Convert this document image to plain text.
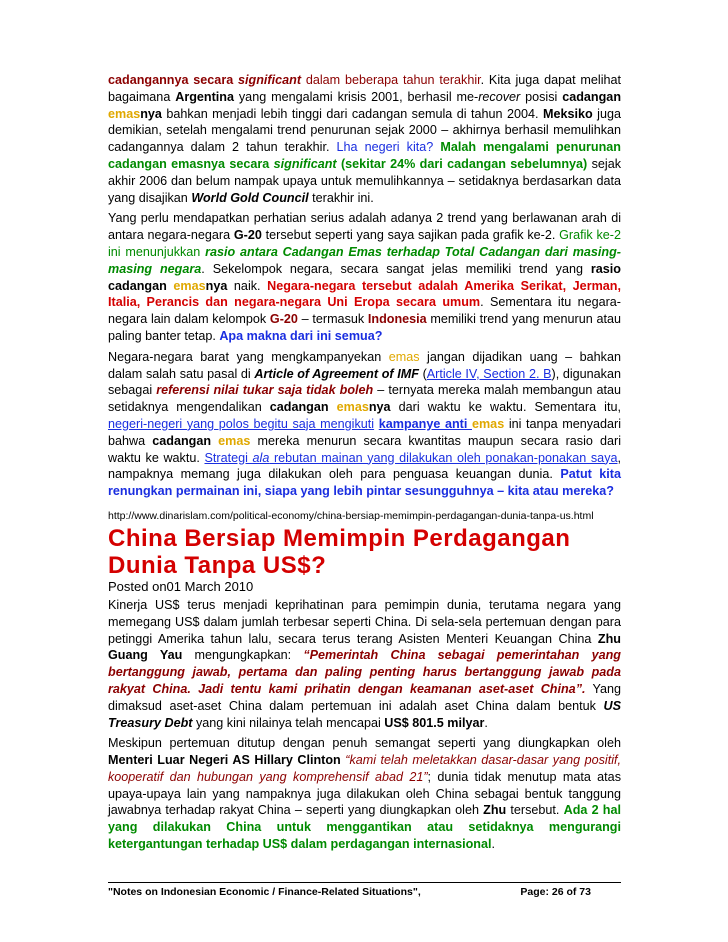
cadangannya secara significant dalam beberapa tahun terakhir. Kita juga dapat melihat bagaimana Argentina yang mengalami krisis 2001, berhasil me-recover posisi cadangan emasnya bahkan menjadi lebih tinggi dari cadangan semula di tahun 2004. Meksiko juga demikian, setelah mengalami trend penurunan sejak 2000 – akhirnya berhasil memulihkan cadangannya dalam 2 tahun terakhir. Lha negeri kita? Malah mengalami penurunan cadangan emasnya secara significant (sekitar 24% dari cadangan sebelumnya) sejak akhir 2006 dan belum nampak upaya untuk memulihkannya – setidaknya berdasarkan data yang disajikan World Gold Council terakhir ini.

Yang perlu mendapatkan perhatian serius adalah adanya 2 trend yang berlawanan arah di antara negara-negara G-20 tersebut seperti yang saya sajikan pada grafik ke-2. Grafik ke-2 ini menunjukkan rasio antara Cadangan Emas terhadap Total Cadangan dari masing-masing negara. Sekelompok negara, secara sangat jelas memiliki trend yang rasio cadangan emasnya naik. Negara-negara tersebut adalah Amerika Serikat, Jerman, Italia, Perancis dan negara-negara Uni Eropa secara umum. Sementara itu negara-negara lain dalam kelompok G-20 – termasuk Indonesia memiliki trend yang menurun atau paling banter tetap. Apa makna dari ini semua?

Negara-negara barat yang mengkampanyekan emas jangan dijadikan uang – bahkan dalam salah satu pasal di Article of Agreement of IMF (Article IV, Section 2. B), digunakan sebagai referensi nilai tukar saja tidak boleh – ternyata mereka malah membangun atau setidaknya mengendalikan cadangan emasnya dari waktu ke waktu. Sementara itu, negeri-negeri yang polos begitu saja mengikuti kampanye anti emas ini tanpa menyadari bahwa cadangan emas mereka menurun secara kwantitas maupun secara rasio dari waktu ke waktu. Strategi ala rebutan mainan yang dilakukan oleh ponakan-ponakan saya, nampaknya memang juga dilakukan oleh para penguasa keuangan dunia. Patut kita renungkan permainan ini, siapa yang lebih pintar sesungguhnya – kita atau mereka?

http://www.dinarislam.com/political-economy/china-bersiap-memimpin-perdagangan-dunia-tanpa-us.html

China Bersiap Memimpin Perdagangan Dunia Tanpa US$?

Posted on01 March 2010

Kinerja US$ terus menjadi keprihatinan para pemimpin dunia, terutama negara yang memegang US$ dalam jumlah terbesar seperti China. Di sela-sela pertemuan dengan para petinggi Amerika tahun lalu, secara terus terang Asisten Menteri Keuangan China Zhu Guang Yau mengungkapkan: “Pemerintah China sebagai pemerintahan yang bertanggung jawab, pertama dan paling penting harus bertanggung jawab pada rakyat China. Jadi tentu kami prihatin dengan keamanan aset-aset China”. Yang dimaksud aset-aset China dalam pertemuan ini adalah aset China dalam bentuk US Treasury Debt yang kini nilainya telah mencapai US$ 801.5 milyar.

Meskipun pertemuan ditutup dengan penuh semangat seperti yang diungkapkan oleh Menteri Luar Negeri AS Hillary Clinton “kami telah meletakkan dasar-dasar yang positif, kooperatif dan hubungan yang komprehensif abad 21”; dunia tidak menutup mata atas upaya-upaya lain yang nampaknya juga dilakukan oleh China sebagai bentuk tanggung jawabnya terhadap rakyat China – seperti yang diungkapkan oleh Zhu tersebut. Ada 2 hal yang dilakukan China untuk menggantikan atau setidaknya mengurangi ketergantungan terhadap US$ dalam perdagangan internasional.

"Notes on Indonesian Economic / Finance-Related Situations",	Page: 26 of 73
